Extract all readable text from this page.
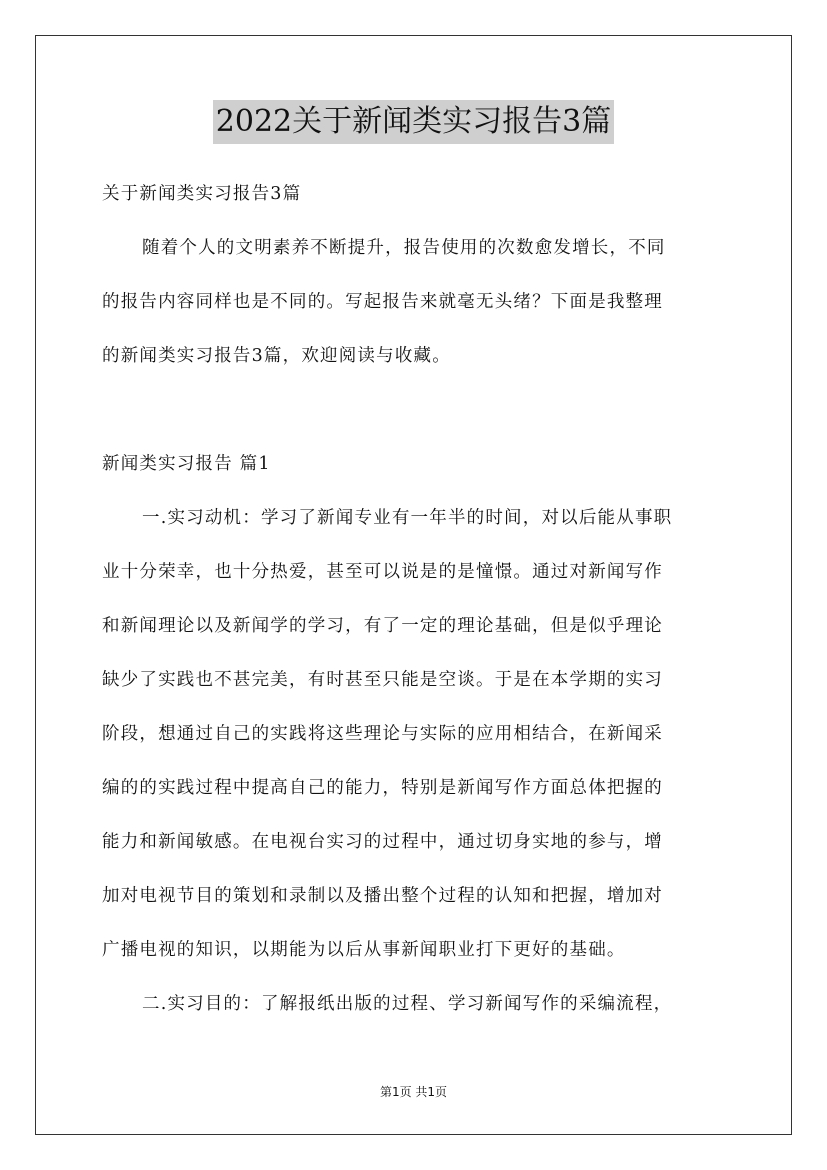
2022关于新闻类实习报告3篇
关于新闻类实习报告3篇
随着个人的文明素养不断提升，报告使用的次数愈发增长，不同
的报告内容同样也是不同的。写起报告来就毫无头绪？下面是我整理
的新闻类实习报告3篇，欢迎阅读与收藏。
新闻类实习报告 篇1
一.实习动机：学习了新闻专业有一年半的时间，对以后能从事职
业十分荣幸，也十分热爱，甚至可以说是的是憧憬。通过对新闻写作
和新闻理论以及新闻学的学习，有了一定的理论基础，但是似乎理论
缺少了实践也不甚完美，有时甚至只能是空谈。于是在本学期的实习
阶段，想通过自己的实践将这些理论与实际的应用相结合，在新闻采
编的的实践过程中提高自己的能力，特别是新闻写作方面总体把握的
能力和新闻敏感。在电视台实习的过程中，通过切身实地的参与，增
加对电视节目的策划和录制以及播出整个过程的认知和把握，增加对
广播电视的知识，以期能为以后从事新闻职业打下更好的基础。
二.实习目的：了解报纸出版的过程、学习新闻写作的采编流程，
第1页 共1页
